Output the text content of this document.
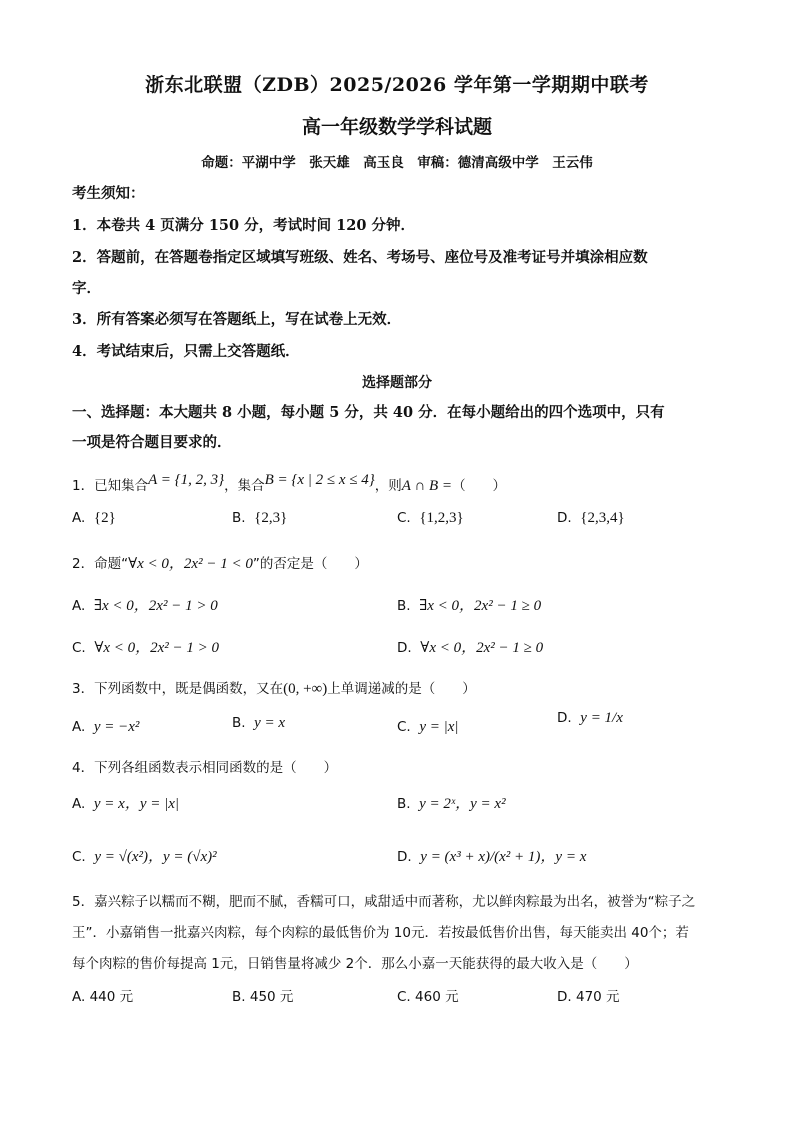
浙东北联盟（ZDB）2025/2026 学年第一学期期中联考
高一年级数学学科试题
命题：平湖中学　张天雄　高玉良　审稿：德清高级中学　王云伟
考生须知：
1．本卷共 4 页满分 150 分，考试时间 120 分钟．
2．答题前，在答题卷指定区域填写班级、姓名、考场号、座位号及准考证号并填涂相应数
字．
3．所有答案必须写在答题纸上，写在试卷上无效．
4．考试结束后，只需上交答题纸．
选择题部分
一、选择题：本大题共 8 小题，每小题 5 分，共 40 分．在每小题给出的四个选项中，只有
一项是符合题目要求的．
1．已知集合A = {1, 2, 3}，集合B = {x | 2 ≤ x ≤ 4}，则A ∩ B =（　　）
A.  {2}	B.  {2,3}	C.  {1,2,3}	D.  {2,3,4}
2．命题“∀x < 0，2x² − 1 < 0”的否定是（　　）
A.  ∃x < 0，2x² − 1 > 0	B.  ∃x < 0，2x² − 1 ≥ 0
C.  ∀x < 0，2x² − 1 > 0	D.  ∀x < 0，2x² − 1 ≥ 0
3．下列函数中，既是偶函数，又在(0, +∞)上单调递减的是（　　）
A.  y = −x²	B.  y = x	C.  y = |x|
D.  y = 1/x
4．下列各组函数表示相同函数的是（　　）
A.  y = x，y = |x|	B.  y = 2ˣ，y = x²
C.  y = √(x²)，y = (√x)²	D.  y = (x³ + x)/(x² + 1)，y = x
5．嘉兴粽子以糯而不糊，肥而不腻，香糯可口，咸甜适中而著称，尤以鲜肉粽最为出名，被誉为“粽子之
王”．小嘉销售一批嘉兴肉粽，每个肉粽的最低售价为 10元．若按最低售价出售，每天能卖出 40个；若
每个肉粽的售价每提高 1元，日销售量将减少 2个．那么小嘉一天能获得的最大收入是（　　）
A. 440 元	B. 450 元	C. 460 元	D. 470 元
